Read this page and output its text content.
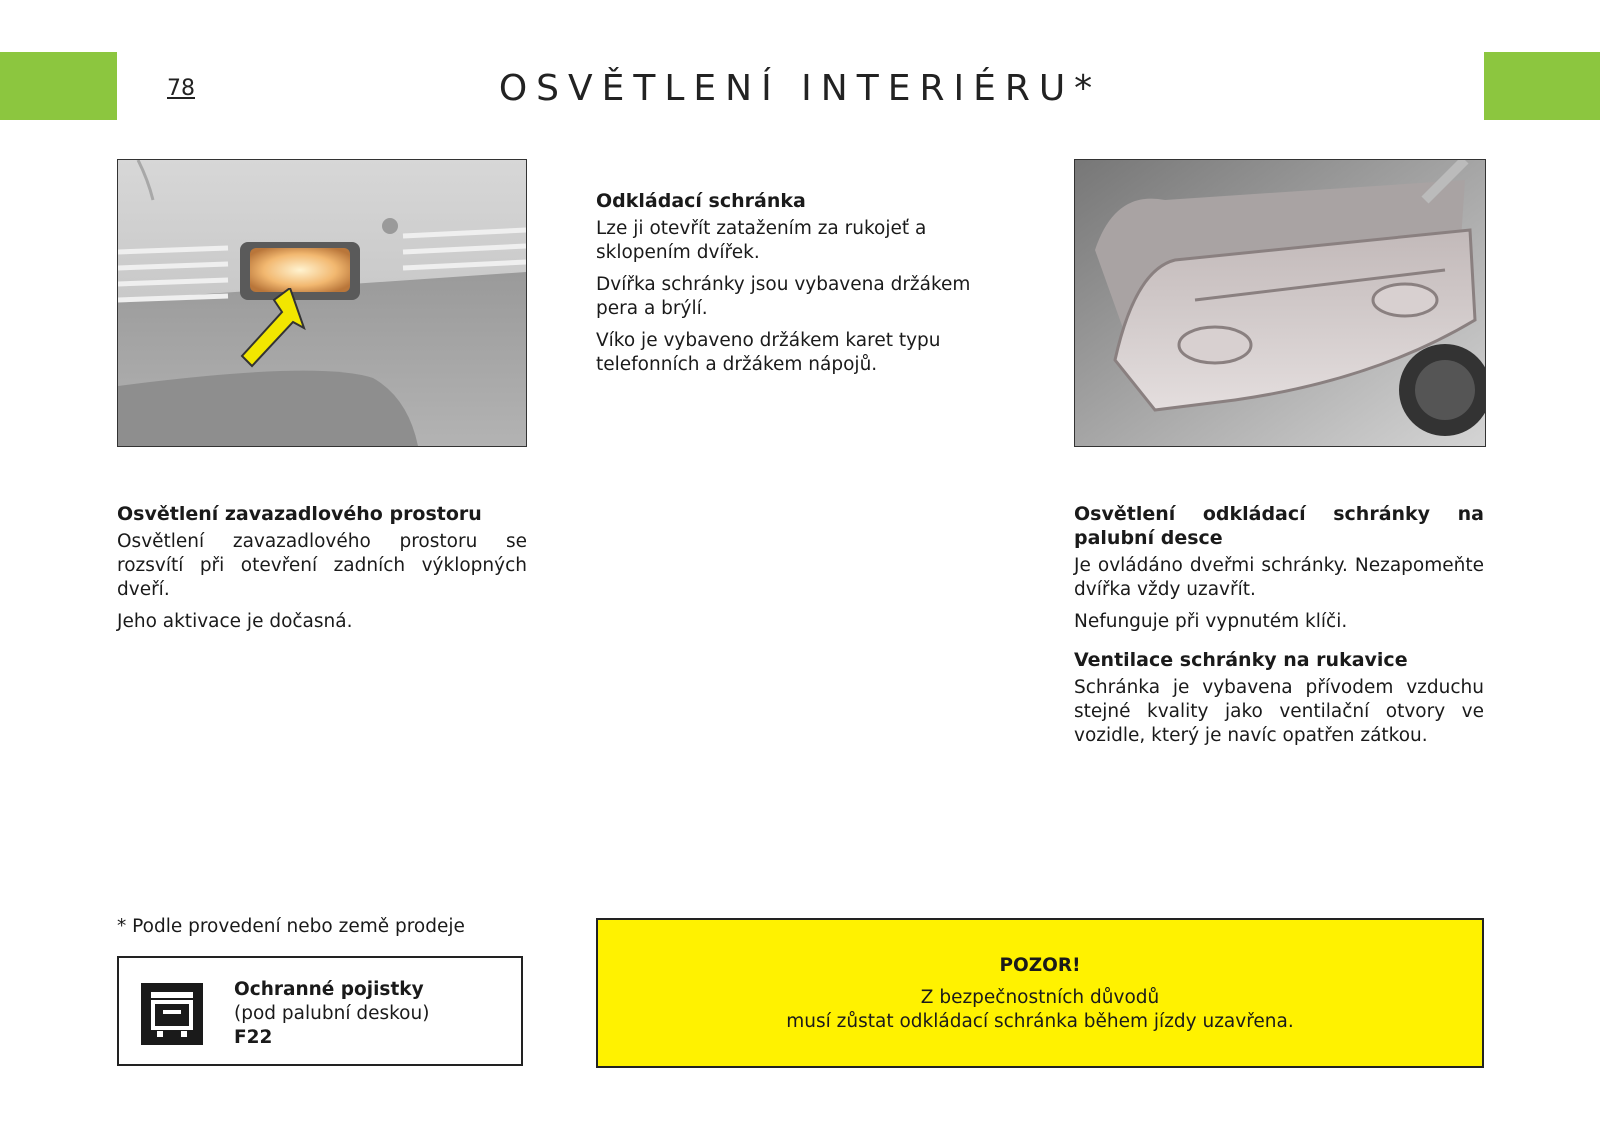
78	OSVĚTLENÍ INTERIÉRU*
Osvětlení zavazadlového prostoru

Osvětlení zavazadlového prostoru se rozsvítí při otevření zadních výklopných dveří.

Jeho aktivace je dočasná.

Odkládací schránka

Lze ji otevřít zatažením za rukojeť a sklopením dvířek.

Dvířka schránky jsou vybavena držákem pera a brýlí.

Víko je vybaveno držákem karet typu telefonních a držákem nápojů.

Osvětlení odkládací schránky na palubní desce

Je ovládáno dveřmi schránky. Nezapomeňte dvířka vždy uzavřít.

Nefunguje při vypnutém klíči.

Ventilace schránky na rukavice

Schránka je vybavena přívodem vzduchu stejné kvality jako ventilační otvory ve vozidle, který je navíc opatřen zátkou.

* Podle provedení nebo země prodeje
Ochranné pojistky
(pod palubní deskou)
F22
POZOR!
Z bezpečnostních důvodů
musí zůstat odkládací schránka během jízdy uzavřena.
